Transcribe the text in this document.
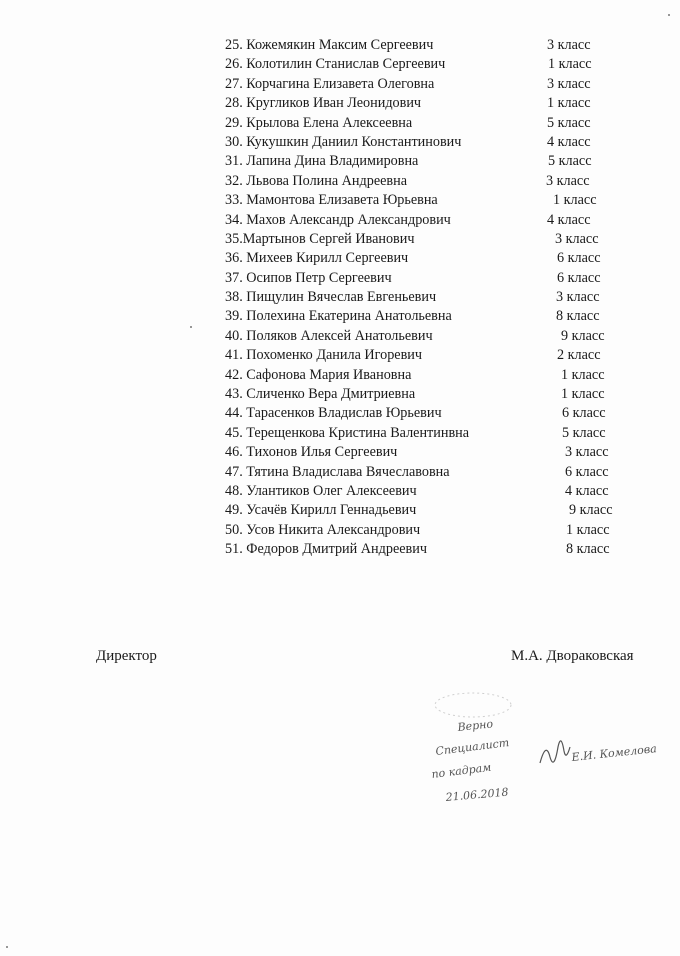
25. Кожемякин Максим Сергеевич	3 класс
26. Колотилин Станислав Сергеевич	1 класс
27. Корчагина Елизавета Олеговна	3 класс
28. Кругликов Иван Леонидович	1 класс
29. Крылова Елена Алексеевна	5 класс
30. Кукушкин Даниил Константинович	4 класс
31. Лапина Дина Владимировна	5 класс
32. Львова Полина Андреевна	3 класс
33. Мамонтова Елизавета Юрьевна	1 класс
34. Махов Александр Александрович	4 класс
35.Мартынов Сергей Иванович	3 класс
36. Михеев Кирилл Сергеевич	6 класс
37. Осипов Петр Сергеевич	6 класс
38. Пищулин Вячеслав Евгеньевич	3 класс
39. Полехина Екатерина Анатольевна	8 класс
40. Поляков Алексей Анатольевич	9 класс
41. Похоменко Данила Игоревич	2 класс
42. Сафонова Мария Ивановна	1 класс
43. Сличенко Вера Дмитриевна	1 класс
44. Тарасенков Владислав Юрьевич	6 класс
45. Терещенкова Кристина Валентинвна	5 класс
46. Тихонов Илья Сергеевич	3 класс
47. Тятина Владислава Вячеславовна	6 класс
48. Улантиков Олег Алексеевич	4 класс
49. Усачёв Кирилл Геннадьевич	9 класс
50. Усов Никита Александрович	1 класс
51. Федоров Дмитрий Андреевич	8 класс
Директор	М.А. Двораковская
Верно
Специалист
по кадрам
21.06.2018
Е.И. Комелова
